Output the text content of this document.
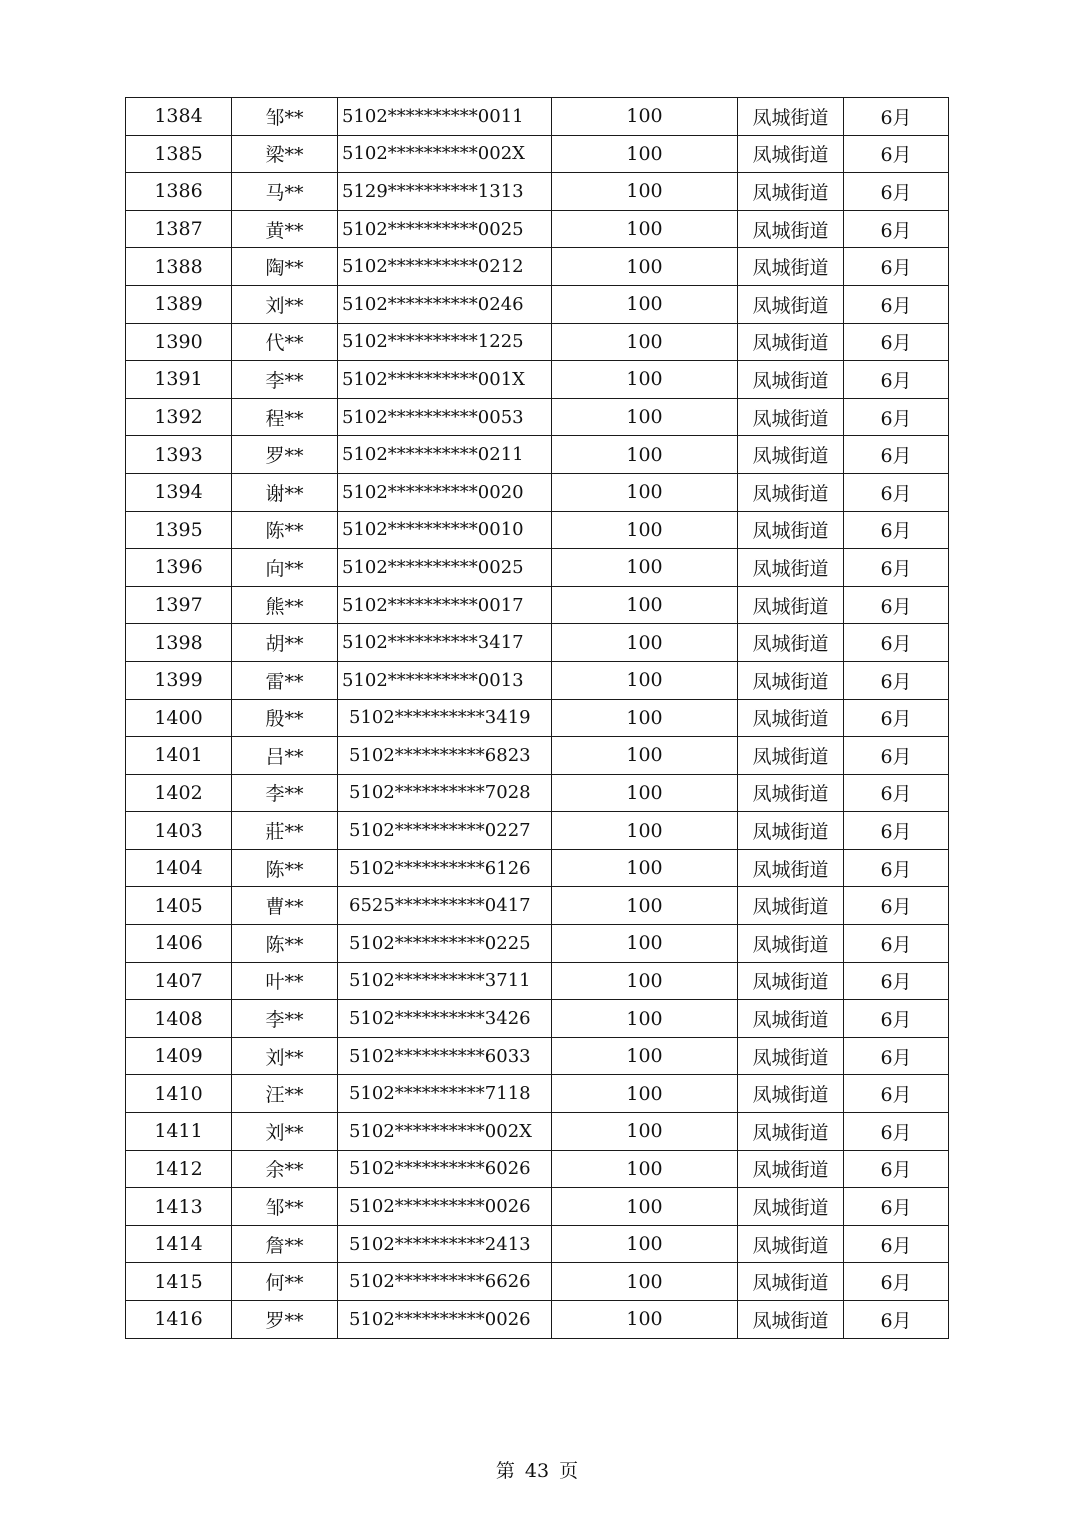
1384	邹**	5102**********0011	100	凤城街道	6月
1385	梁**	5102**********002X	100	凤城街道	6月
1386	马**	5129**********1313	100	凤城街道	6月
1387	黄**	5102**********0025	100	凤城街道	6月
1388	陶**	5102**********0212	100	凤城街道	6月
1389	刘**	5102**********0246	100	凤城街道	6月
1390	代**	5102**********1225	100	凤城街道	6月
1391	李**	5102**********001X	100	凤城街道	6月
1392	程**	5102**********0053	100	凤城街道	6月
1393	罗**	5102**********0211	100	凤城街道	6月
1394	谢**	5102**********0020	100	凤城街道	6月
1395	陈**	5102**********0010	100	凤城街道	6月
1396	向**	5102**********0025	100	凤城街道	6月
1397	熊**	5102**********0017	100	凤城街道	6月
1398	胡**	5102**********3417	100	凤城街道	6月
1399	雷**	5102**********0013	100	凤城街道	6月
1400	殷**	5102**********3419	100	凤城街道	6月
1401	吕**	5102**********6823	100	凤城街道	6月
1402	李**	5102**********7028	100	凤城街道	6月
1403	莊**	5102**********0227	100	凤城街道	6月
1404	陈**	5102**********6126	100	凤城街道	6月
1405	曹**	6525**********0417	100	凤城街道	6月
1406	陈**	5102**********0225	100	凤城街道	6月
1407	叶**	5102**********3711	100	凤城街道	6月
1408	李**	5102**********3426	100	凤城街道	6月
1409	刘**	5102**********6033	100	凤城街道	6月
1410	汪**	5102**********7118	100	凤城街道	6月
1411	刘**	5102**********002X	100	凤城街道	6月
1412	余**	5102**********6026	100	凤城街道	6月
1413	邹**	5102**********0026	100	凤城街道	6月
1414	詹**	5102**********2413	100	凤城街道	6月
1415	何**	5102**********6626	100	凤城街道	6月
1416	罗**	5102**********0026	100	凤城街道	6月
第 43 页
